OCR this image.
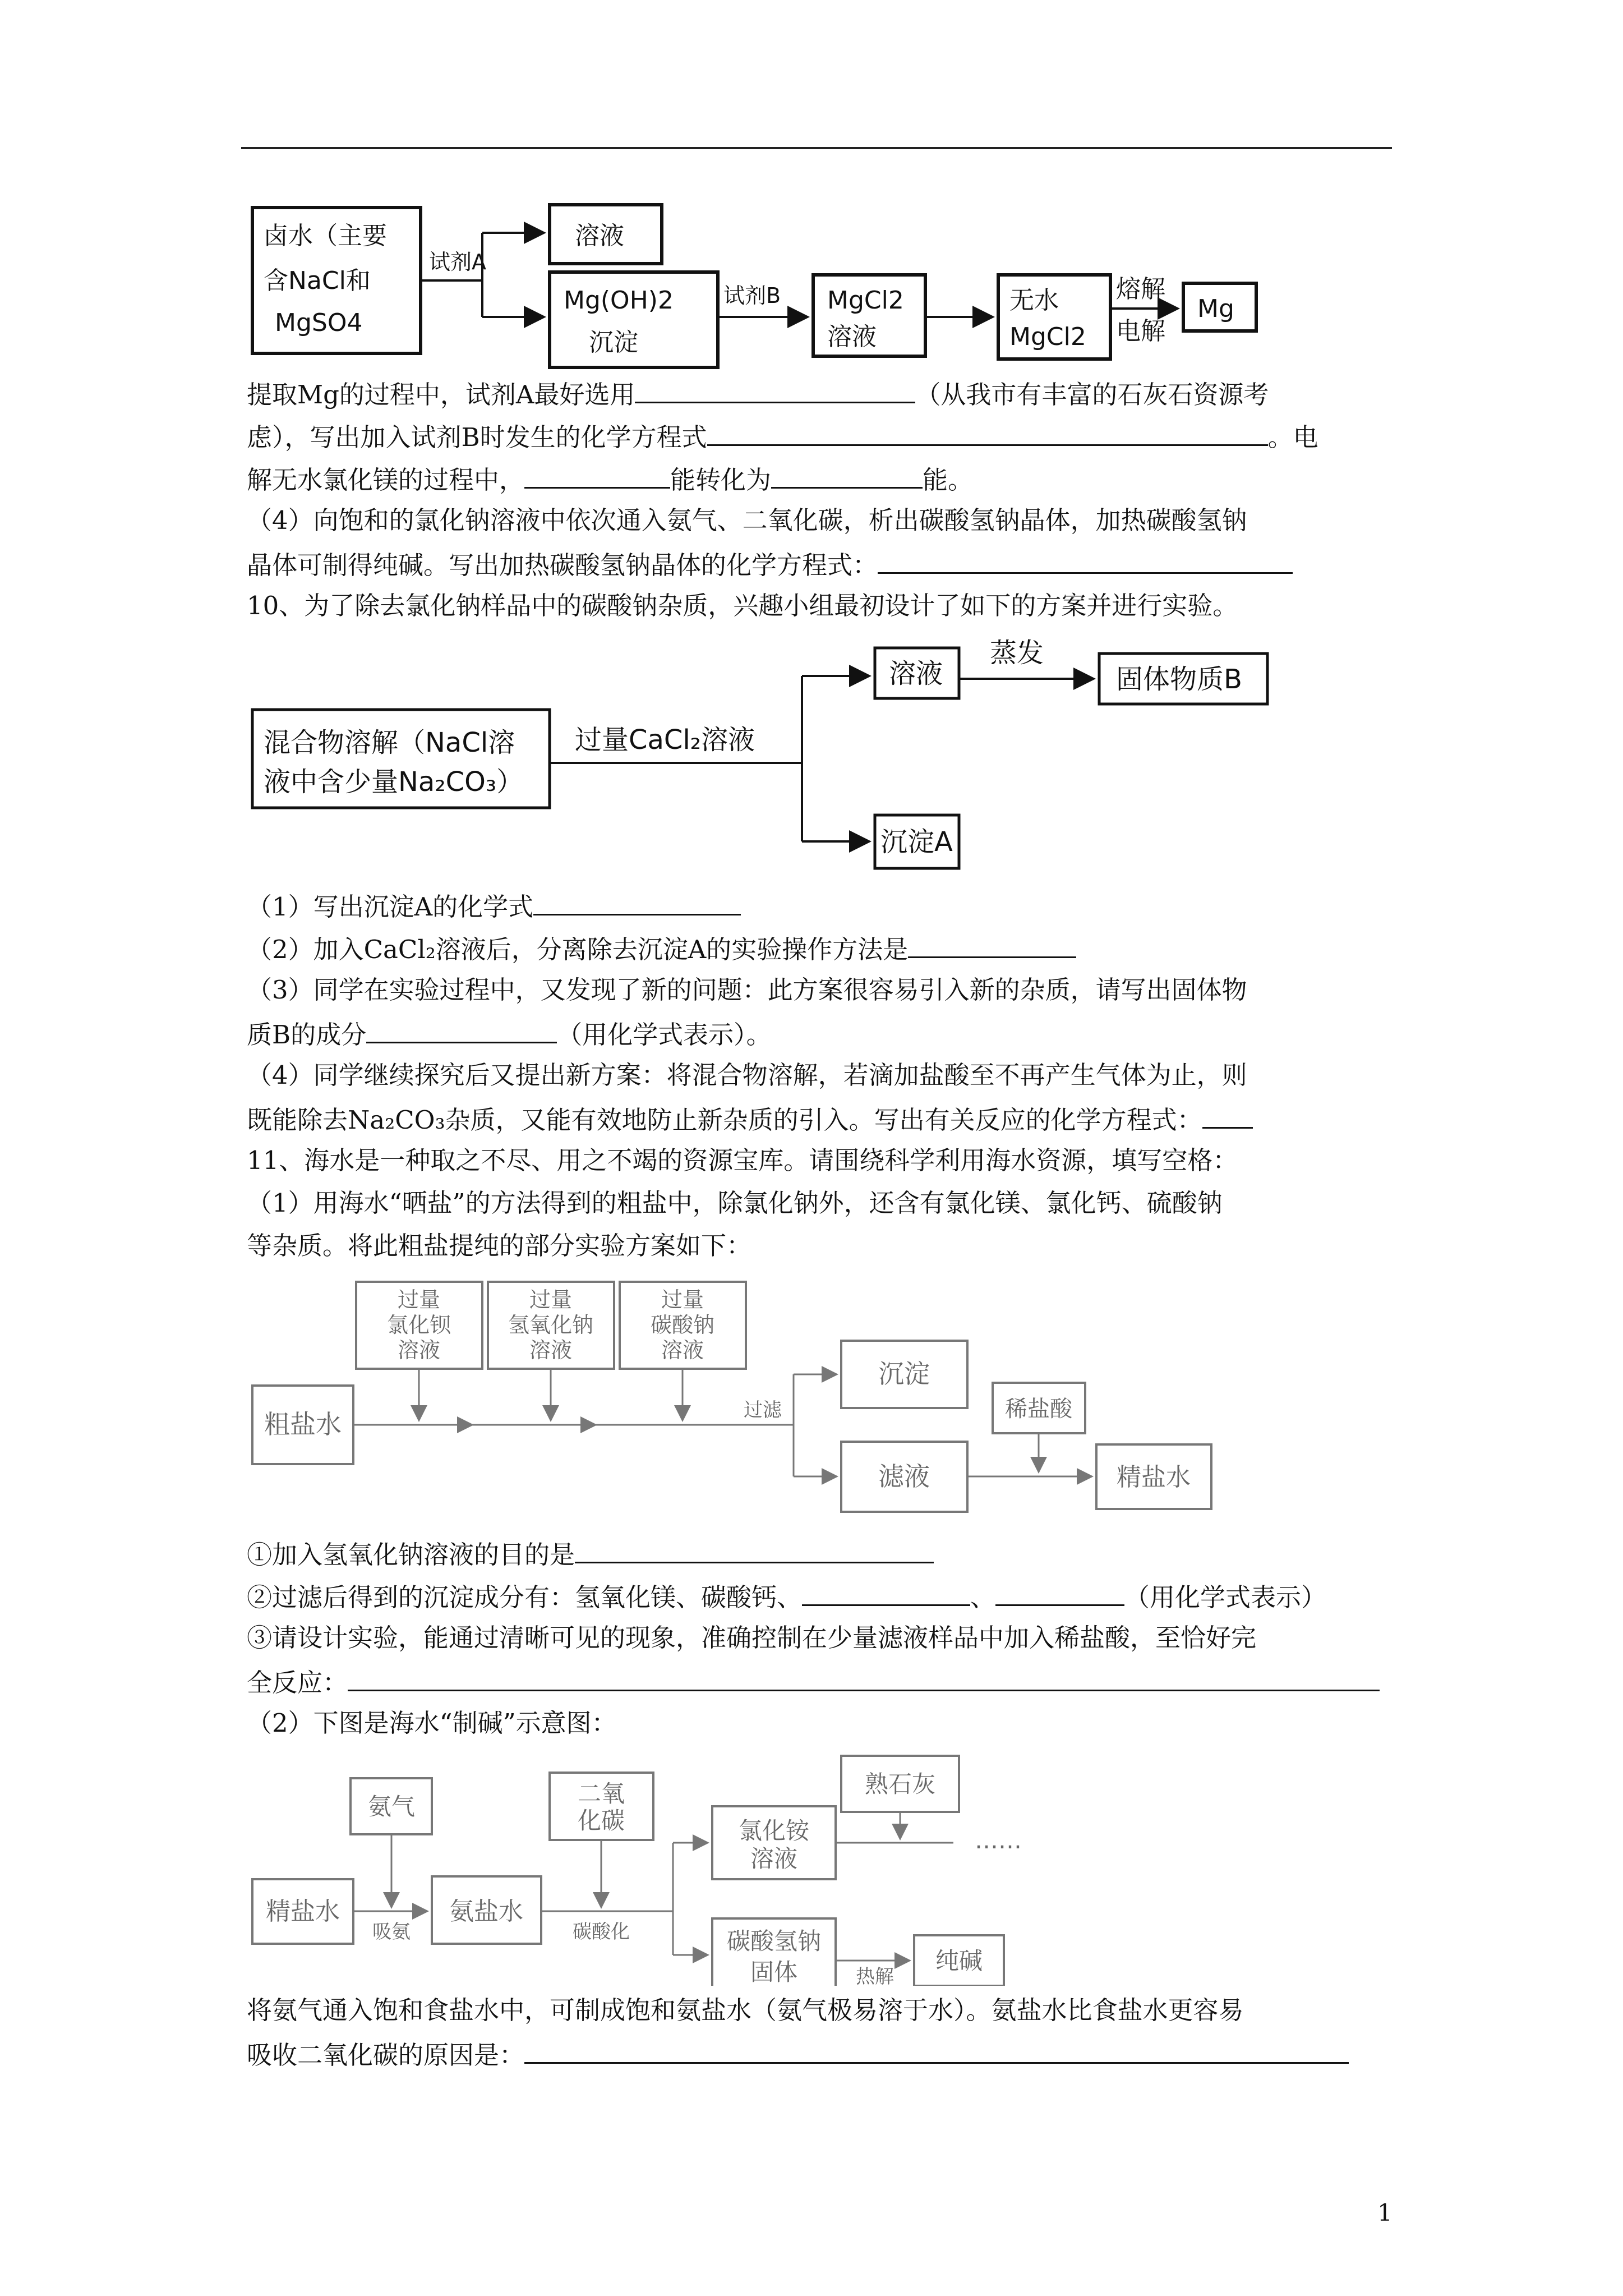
卤水（主要
含NaCl和
MgSO4
试剂A
溶液
Mg(OH)2
沉淀
试剂B MgCl2
溶液
无水
MgCl2
熔解
电解
Mg
提取Mg的过程中，试剂A最好选用	（从我市有丰富的石灰石资源考
虑），写出加入试剂B时发生的化学方程式	。电
解无水氯化镁的过程中，	能转化为	能。
（4）向饱和的氯化钠溶液中依次通入氨气、二氧化碳，析出碳酸氢钠晶体，加热碳酸氢钠
晶体可制得纯碱。写出加热碳酸氢钠晶体的化学方程式：
10、为了除去氯化钠样品中的碳酸钠杂质，兴趣小组最初设计了如下的方案并进行实验。
混合物溶解（NaCl溶
液中含少量Na₂CO₃）
过量CaCl₂溶液
溶液
蒸发
固体物质B
沉淀A
（1）写出沉淀A的化学式
（2）加入CaCl₂溶液后，分离除去沉淀A的实验操作方法是
（3）同学在实验过程中，又发现了新的问题：此方案很容易引入新的杂质，请写出固体物
质B的成分	（用化学式表示）。
（4）同学继续探究后又提出新方案：将混合物溶解，若滴加盐酸至不再产生气体为止，则
既能除去Na₂CO₃杂质，又能有效地防止新杂质的引入。写出有关反应的化学方程式：
11、海水是一种取之不尽、用之不竭的资源宝库。请围绕科学利用海水资源，填写空格：
（1）用海水“晒盐”的方法得到的粗盐中，除氯化钠外，还含有氯化镁、氯化钙、硫酸钠
等杂质。将此粗盐提纯的部分实验方案如下：
过量
氯化钡
溶液
过量
氢氧化钠
溶液
过量
碳酸钠
溶液
粗盐水	过滤
沉淀
滤液
稀盐酸
精盐水
①加入氢氧化钠溶液的目的是
②过滤后得到的沉淀成分有：氢氧化镁、碳酸钙、	、	（用化学式表示）
③请设计实验，能通过清晰可见的现象，准确控制在少量滤液样品中加入稀盐酸，至恰好完
全反应：
（2）下图是海水“制碱”示意图：
氨气	二氧
化碳
熟石灰
精盐水
吸氨
氨盐水
碳酸化
氯化铵
溶液
……
碳酸氢钠
固体	热解
纯碱
将氨气通入饱和食盐水中，可制成饱和氨盐水（氨气极易溶于水）。氨盐水比食盐水更容易
吸收二氧化碳的原因是：
1
